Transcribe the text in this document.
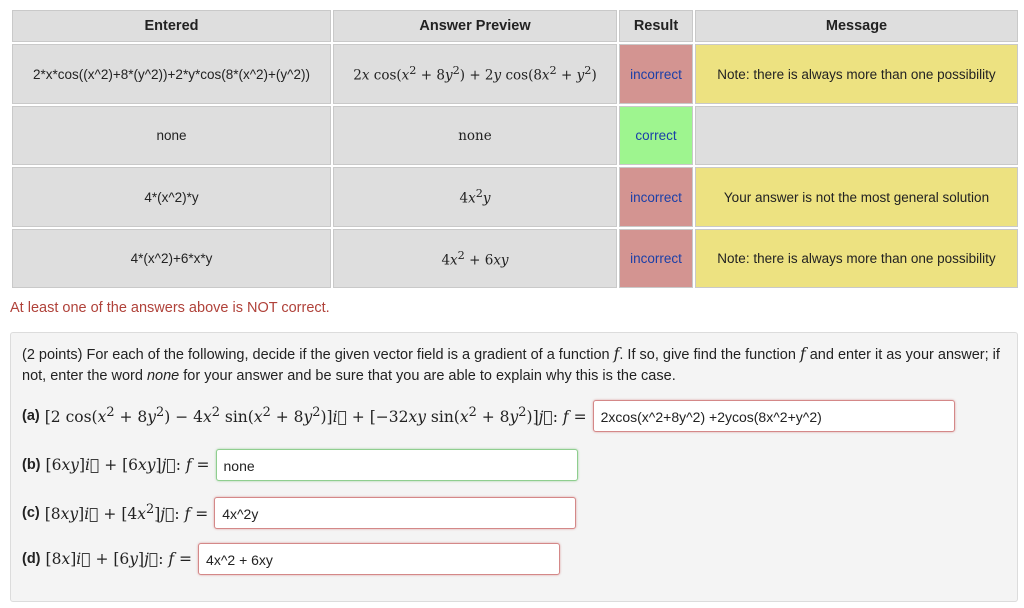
Entered	Answer Preview	Result	Message
2*x*cos((x^2)+8*(y^2))+2*y*cos(8*(x^2)+(y^2))	2x $\cos(x^2 + 8y^2) + 2y$ $\cos(8x^2 + y^2)$	incorrect	Note: there is always more than one possibility
none	none	correct	
4*(x^2)*y	$4x^2y$	incorrect	Your answer is not the most general solution
4*(x^2)+6*x*y	$4x^2 + 6xy$	incorrect	Note: there is always more than one possibility
At least one of the answers above is NOT correct.
(2 points) For each of the following, decide if the given vector field is a gradient of a function f. If so, give find the function f and enter it as your answer; if not, enter the word none for your answer and be sure that you are able to explain why this is the case.
(a) [2 $\cos(x^2 + 8y^2) - 4x^2$ $\sin(x^2$ + $8y^2)]i⃗ + [-32xy$ $\sin(x^2$ + $8y^2)]j⃗$: f =	2xcos(x^2+8y^2) +2ycos(8x^2+y^2)
(b) [6xy]i⃗ + [6xy]j⃗: f =	none
(c) [8xy]i⃗ + $[4x^2]j⃗$: f =	4x^2y
(d) [8x]i⃗ + [6y]j⃗: f =	4x^2 + 6xy
